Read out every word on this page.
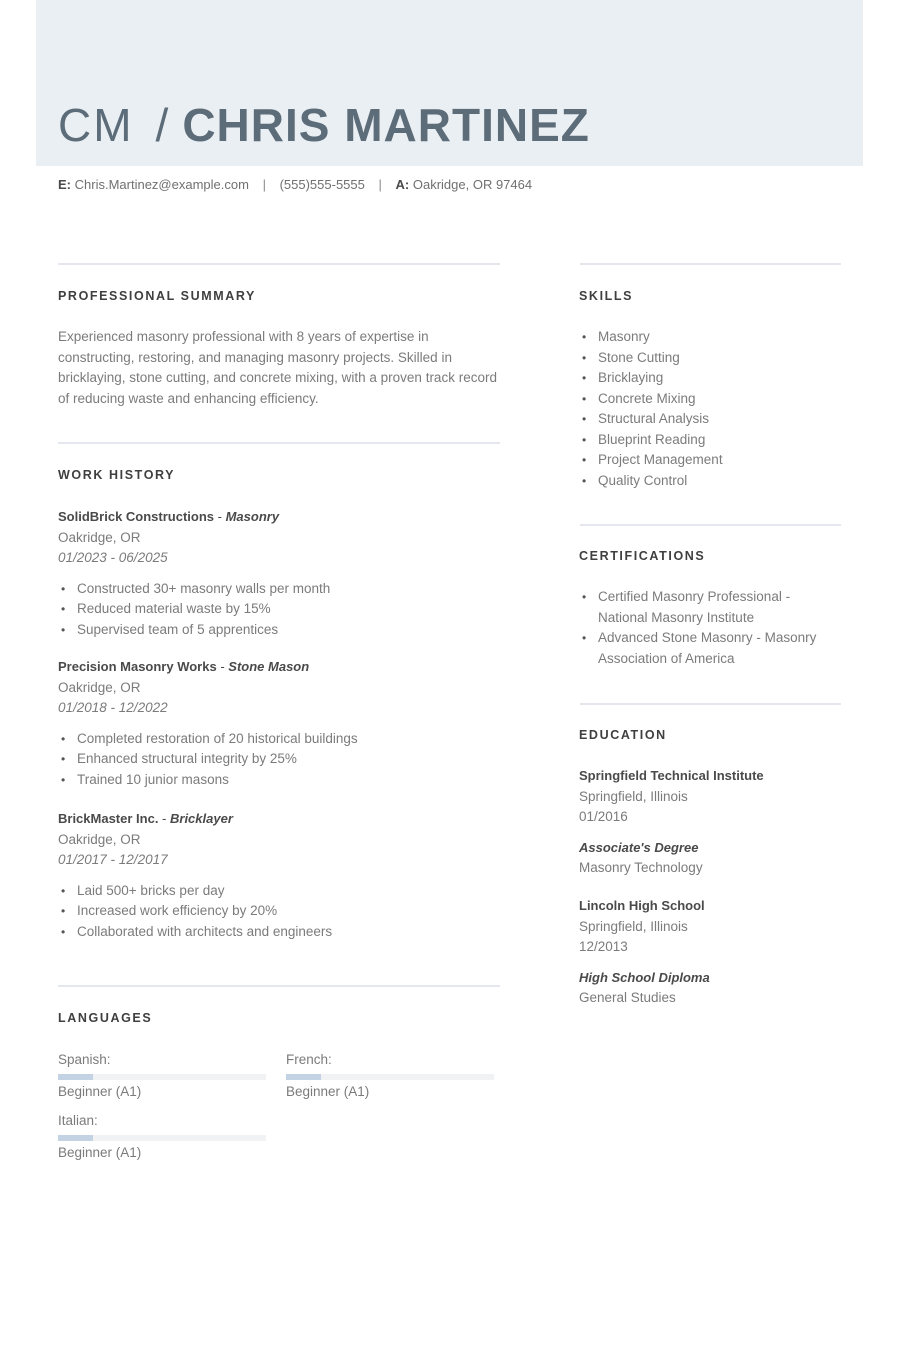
CM / CHRIS MARTINEZ
E: Chris.Martinez@example.com | (555)555-5555 | A: Oakridge, OR 97464
PROFESSIONAL SUMMARY
Experienced masonry professional with 8 years of expertise in constructing, restoring, and managing masonry projects. Skilled in bricklaying, stone cutting, and concrete mixing, with a proven track record of reducing waste and enhancing efficiency.
WORK HISTORY
SolidBrick Constructions - Masonry
Oakridge, OR
01/2023 - 06/2025
• Constructed 30+ masonry walls per month
• Reduced material waste by 15%
• Supervised team of 5 apprentices
Precision Masonry Works - Stone Mason
Oakridge, OR
01/2018 - 12/2022
• Completed restoration of 20 historical buildings
• Enhanced structural integrity by 25%
• Trained 10 junior masons
BrickMaster Inc. - Bricklayer
Oakridge, OR
01/2017 - 12/2017
• Laid 500+ bricks per day
• Increased work efficiency by 20%
• Collaborated with architects and engineers
LANGUAGES
Spanish:
Beginner (A1)
French:
Beginner (A1)
Italian:
Beginner (A1)
SKILLS
• Masonry
• Stone Cutting
• Bricklaying
• Concrete Mixing
• Structural Analysis
• Blueprint Reading
• Project Management
• Quality Control
CERTIFICATIONS
• Certified Masonry Professional - National Masonry Institute
• Advanced Stone Masonry - Masonry Association of America
EDUCATION
Springfield Technical Institute
Springfield, Illinois
01/2016
Associate's Degree
Masonry Technology
Lincoln High School
Springfield, Illinois
12/2013
High School Diploma
General Studies
